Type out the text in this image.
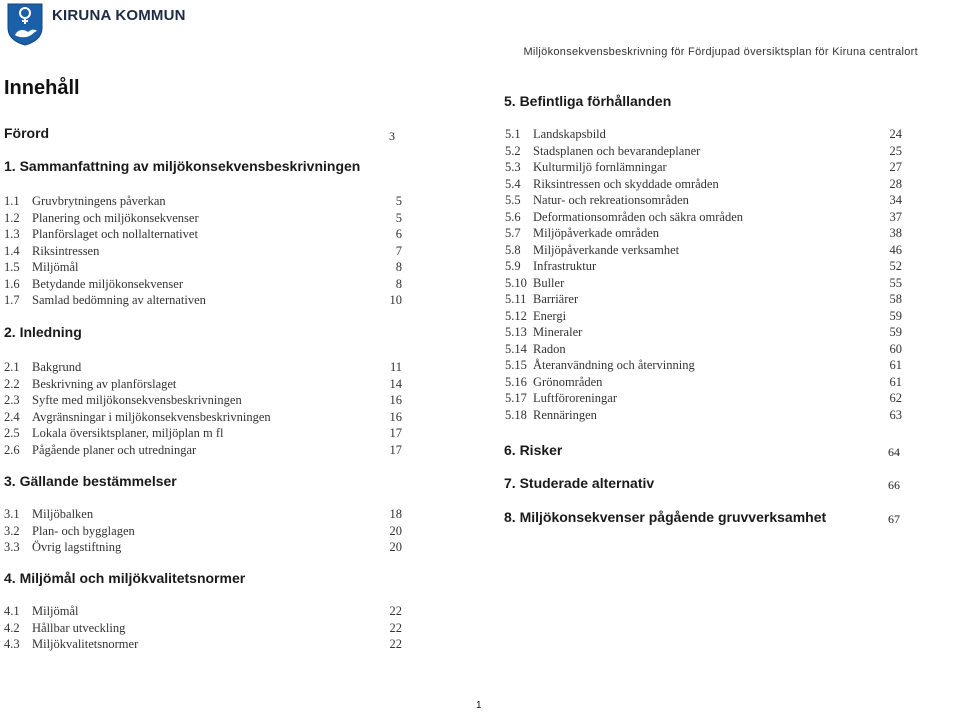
KIRUNA KOMMUN
Miljökonsekvensbeskrivning för Fördjupad översiktsplan för Kiruna centralort
Innehåll
Förord	3
1. Sammanfattning av miljökonsekvensbeskrivningen
1.1 Gruvbrytningens påverkan	5
1.2 Planering och miljökonsekvenser	5
1.3 Planförslaget och nollalternativet	6
1.4 Riksintressen	7
1.5 Miljömål	8
1.6 Betydande miljökonsekvenser	8
1.7 Samlad bedömning av alternativen	10
2. Inledning
2.1 Bakgrund	11
2.2 Beskrivning av planförslaget	14
2.3 Syfte med miljökonsekvensbeskrivningen	16
2.4 Avgränsningar i miljökonsekvensbeskrivningen	16
2.5 Lokala översiktsplaner, miljöplan m fl	17
2.6 Pågående planer och utredningar	17
3. Gällande bestämmelser
3.1 Miljöbalken	18
3.2 Plan- och bygglagen	20
3.3 Övrig lagstiftning	20
4. Miljömål och miljökvalitetsnormer
4.1 Miljömål	22
4.2 Hållbar utveckling	22
4.3 Miljökvalitetsnormer	22
5. Befintliga förhållanden
5.1 Landskapsbild	24
5.2 Stadsplanen och bevarandeplaner	25
5.3 Kulturmiljö fornlämningar	27
5.4 Riksintressen och skyddade områden	28
5.5 Natur- och rekreationsområden	34
5.6 Deformationsområden och säkra områden	37
5.7 Miljöpåverkade områden	38
5.8 Miljöpåverkande verksamhet	46
5.9 Infrastruktur	52
5.10 Buller	55
5.11 Barriärer	58
5.12 Energi	59
5.13 Mineraler	59
5.14 Radon	60
5.15 Återanvändning och återvinning	61
5.16 Grönområden	61
5.17 Luftföroreningar	62
5.18 Rennäringen	63
6. Risker	64
7. Studerade alternativ	66
8. Miljökonsekvenser pågående gruvverksamhet	67
1
